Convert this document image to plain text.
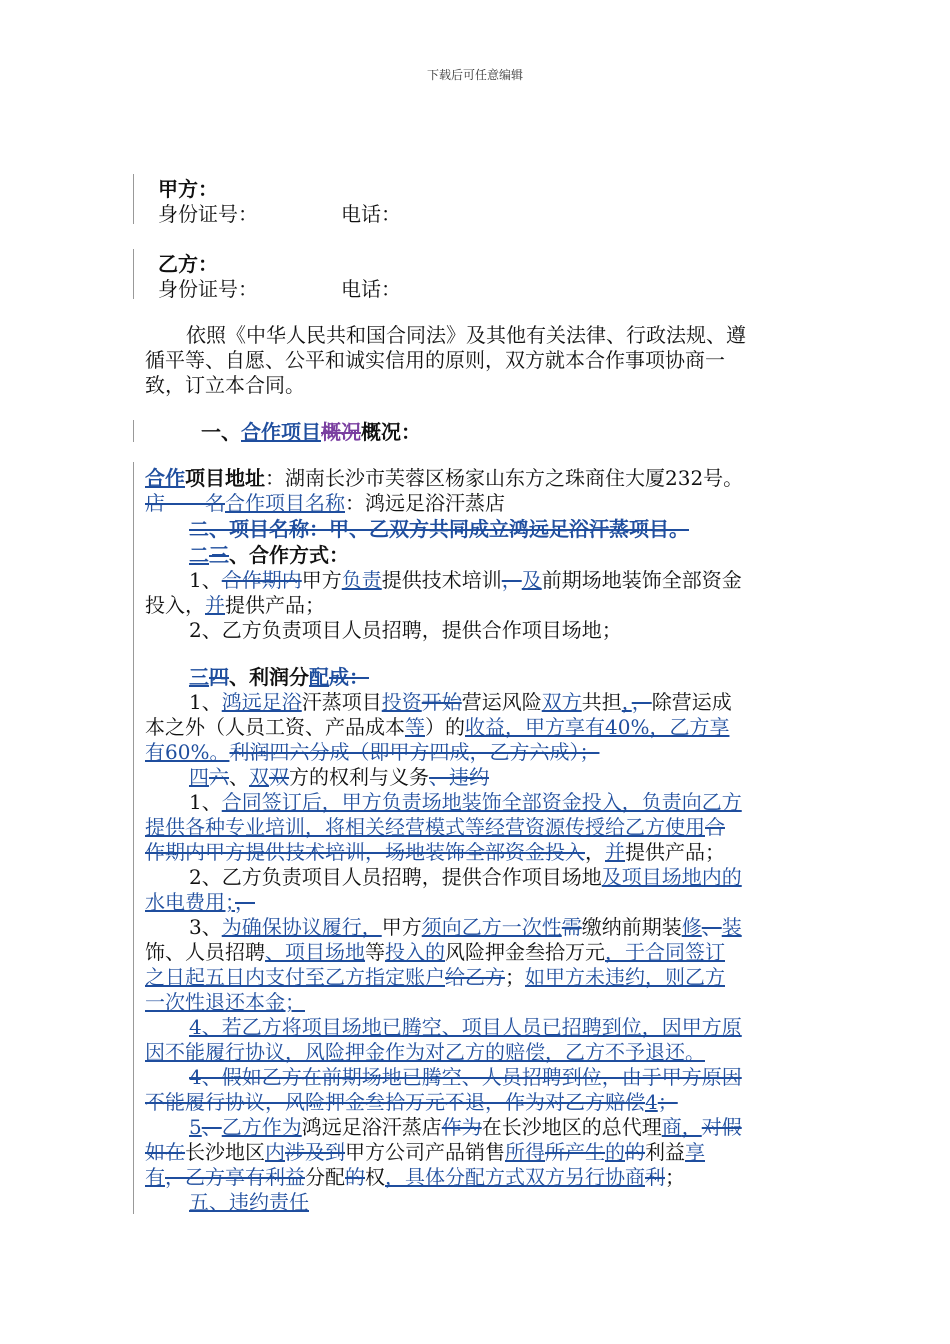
下载后可任意编辑
甲方：
身份证号：	电话：
乙方：
身份证号：	电话：
依照《中华人民共和国合同法》及其他有关法律、行政法规、遵
循平等、自愿、公平和诚实信用的原则，双方就本合作事项协商一
致，订立本合同。
一、合作项目概况概况：
合作项目地址：湖南长沙市芙蓉区杨家山东方之珠商住大厦232号。
店　　名合作项目名称：鸿远足浴汗蒸店
二、项目名称：甲、乙双方共同成立鸿远足浴汗蒸项目。
二三、合作方式：
1、合作期内甲方负责提供技术培训，及前期场地装饰全部资金
投入，并提供产品；
2、乙方负责项目人员招聘，提供合作项目场地；
三四、利润分配成：
1、鸿远足浴汗蒸项目投资开始营运风险双方共担，，除营运成
本之外（人员工资、产品成本等）的收益，甲方享有40%，乙方享
有60%。利润四六分成（即甲方四成，乙方六成）；
四六、双双方的权利与义务、违约
1、合同签订后，甲方负责场地装饰全部资金投入，负责向乙方
提供各种专业培训，将相关经营模式等经营资源传授给乙方使用合
作期内甲方提供技术培训，场地装饰全部资金投入，并提供产品；
2、乙方负责项目人员招聘，提供合作项目场地及项目场地内的
水电费用；，
3、为确保协议履行，甲方须向乙方一次性需缴纳前期装修、装
饰、人员招聘、项目场地等投入的风险押金叁拾万元，于合同签订
之日起五日内支付至乙方指定账户给乙方；如甲方未违约，则乙方
一次性退还本金；
4、若乙方将项目场地已腾空、项目人员已招聘到位，因甲方原
因不能履行协议，风险押金作为对乙方的赔偿，乙方不予退还。
4、假如乙方在前期场地已腾空、人员招聘到位，由于甲方原因
不能履行协议，风险押金叁拾万元不退，作为对乙方赔偿4；
5、乙方作为鸿远足浴汗蒸店作为在长沙地区的总代理商，对假
如在长沙地区内涉及到甲方公司产品销售所得所产生的的利益享
有，乙方享有利益分配的权，具体分配方式双方另行协商利；
五、违约责任
